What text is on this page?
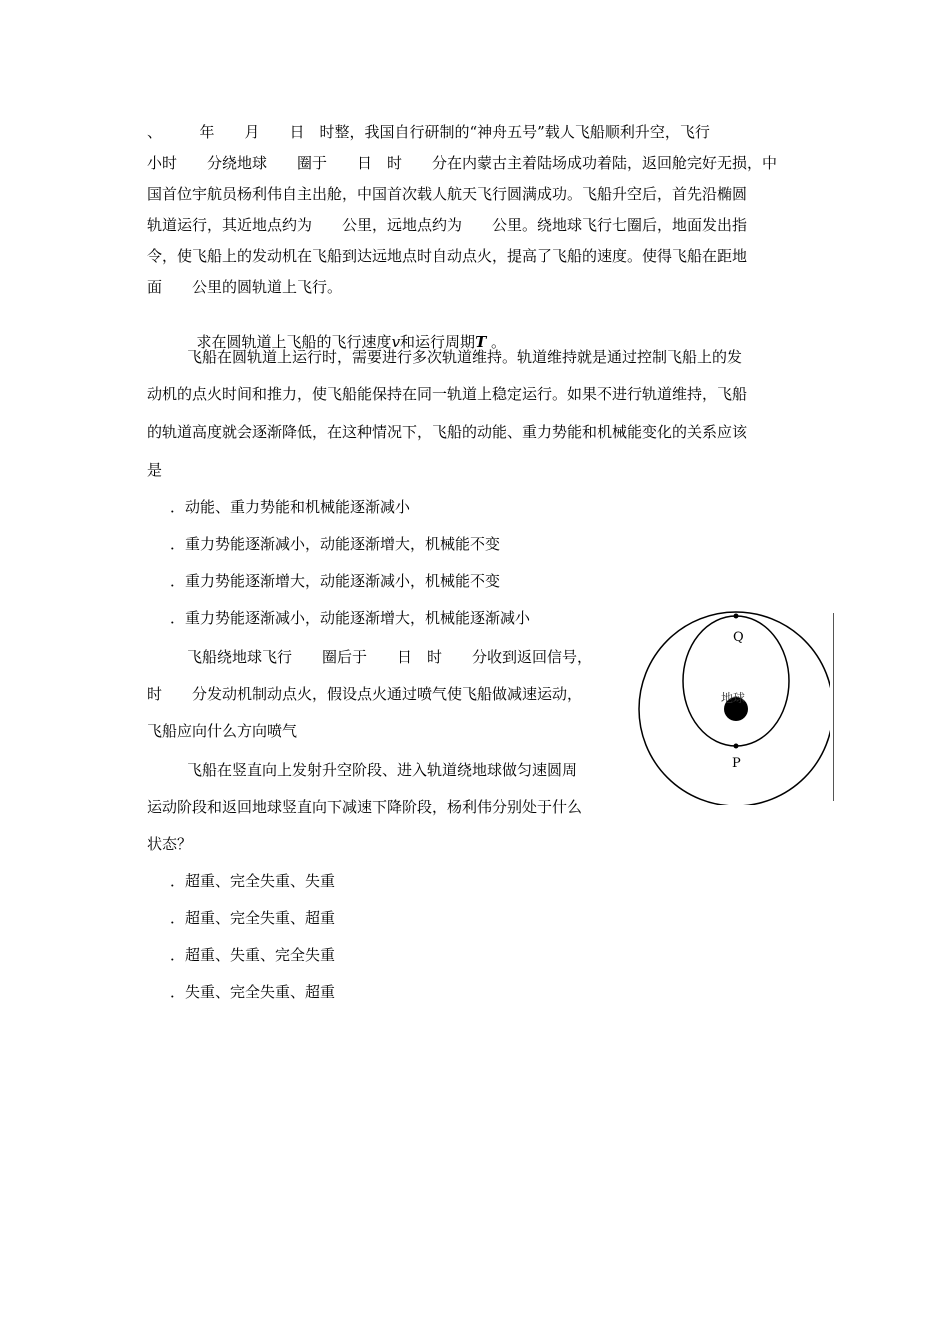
、　　　年　　月　　日　时整，我国自行研制的“神舟五号”载人飞船顺利升空，飞行
小时　　分绕地球　　圈于　　日　时　　分在内蒙古主着陆场成功着陆，返回舱完好无损，中
国首位宇航员杨利伟自主出舱，中国首次载人航天飞行圆满成功。飞船升空后，首先沿椭圆
轨道运行，其近地点约为　　公里，远地点约为　　公里。绕地球飞行七圈后，地面发出指
令，使飞船上的发动机在飞船到达远地点时自动点火，提高了飞船的速度。使得飞船在距地
面　　公里的圆轨道上飞行。

求在圆轨道上飞船的飞行速度v和运行周期T 。

飞船在圆轨道上运行时，需要进行多次轨道维持。轨道维持就是通过控制飞船上的发
动机的点火时间和推力，使飞船能保持在同一轨道上稳定运行。如果不进行轨道维持，飞船
的轨道高度就会逐渐降低，在这种情况下，飞船的动能、重力势能和机械能变化的关系应该
是
．动能、重力势能和机械能逐渐减小
．重力势能逐渐减小，动能逐渐增大，机械能不变
．重力势能逐渐增大，动能逐渐减小，机械能不变
．重力势能逐渐减小，动能逐渐增大，机械能逐渐减小
飞船绕地球飞行　　圈后于　　日　时　　分收到返回信号，
时　　分发动机制动点火，假设点火通过喷气使飞船做减速运动，
飞船应向什么方向喷气
飞船在竖直向上发射升空阶段、进入轨道绕地球做匀速圆周
运动阶段和返回地球竖直向下减速下降阶段，杨利伟分别处于什么
状态？
．超重、完全失重、失重
．超重、完全失重、超重
．超重、失重、完全失重
．失重、完全失重、超重
Q
P
地球
